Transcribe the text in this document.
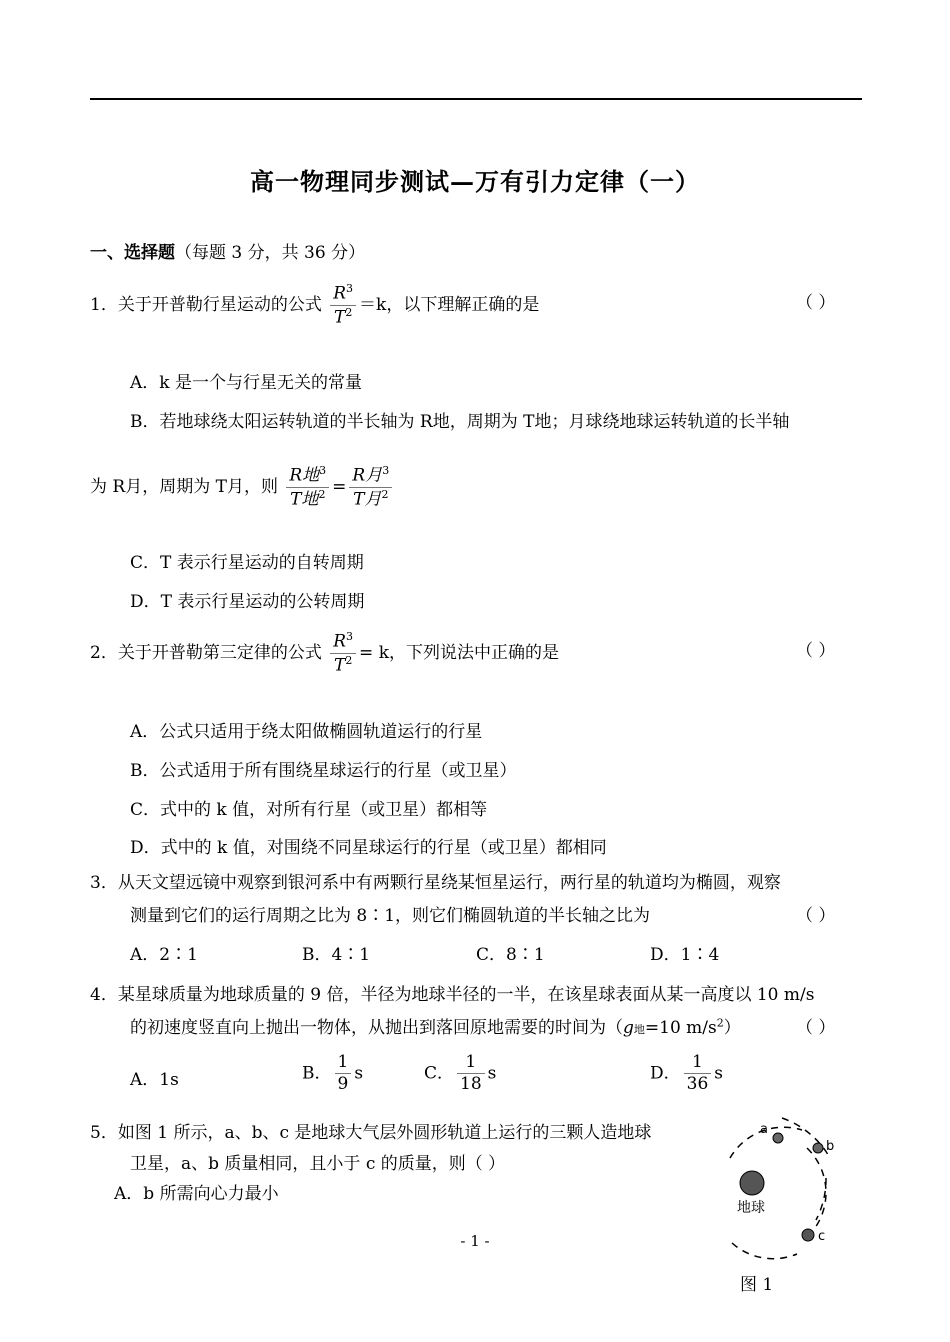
高一物理同步测试—万有引力定律（一）
一、选择题（每题 3 分，共 36 分）
1．关于开普勒行星运动的公式 $\frac{R^3}{T^2} =k$，以下理解正确的是	（ ）
A．k 是一个与行星无关的常量
B．若地球绕太阳运转轨道的半长轴为 R地，周期为 T地；月球绕地球运转轨道的长半轴
为 R月，周期为 T月，则 $\frac{R地^3}{T地^2} = \frac{R月^3}{T月^2}$
C．T 表示行星运动的自转周期
D．T 表示行星运动的公转周期
2．关于开普勒第三定律的公式 $\frac{R^3}{T^2} = k$，下列说法中正确的是	（ ）
A．公式只适用于绕太阳做椭圆轨道运行的行星
B．公式适用于所有围绕星球运行的行星（或卫星）
C．式中的 k 值，对所有行星（或卫星）都相等
D．式中的 k 值，对围绕不同星球运行的行星（或卫星）都相同
3．从天文望远镜中观察到银河系中有两颗行星绕某恒星运行，两行星的轨道均为椭圆，观察
测量到它们的运行周期之比为 8∶1，则它们椭圆轨道的半长轴之比为	（ ）
A．2∶1	B．4∶1	C．8∶1	D．1∶4
4．某星球质量为地球质量的 9 倍，半径为地球半径的一半，在该星球表面从某一高度以 10 m/s
的初速度竖直向上抛出一物体，从抛出到落回原地需要的时间为（g地=10 $m/s^2$）	（ ）
A．1s	B． $\frac{1}{9}$ s	C． $\frac{1}{18}$ s	D． $\frac{1}{36}$ s
5．如图 1 所示，a、b、c 是地球大气层外圆形轨道上运行的三颗人造地球
卫星，a、b 质量相同，且小于 c 的质量，则（ ）
A．b 所需向心力最小
地球
a
b
c
图 1
- 1 -
